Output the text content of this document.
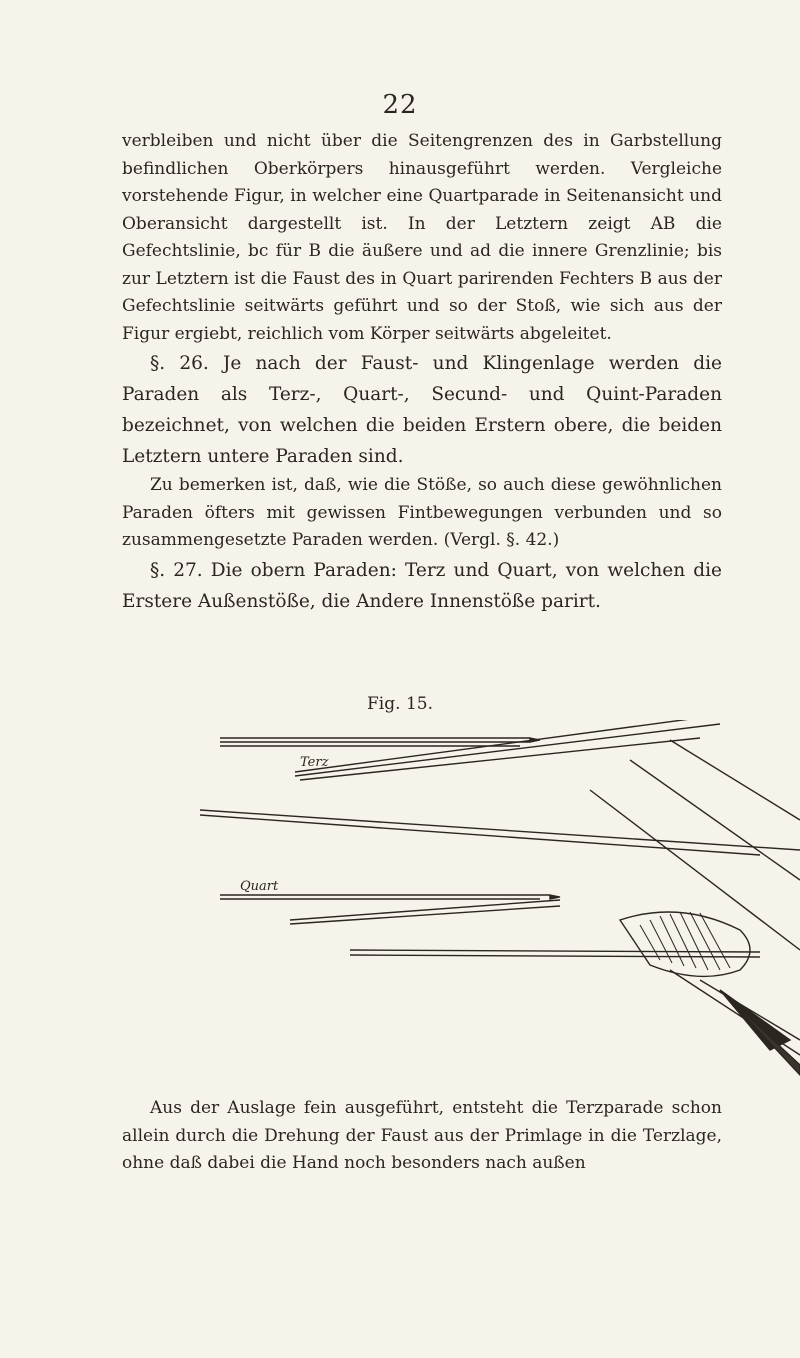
22

verbleiben und nicht über die Seitengrenzen des in Garbstellung befindlichen Oberkörpers hinausgeführt werden. Vergleiche vorstehende Figur, in welcher eine Quartparade in Seitenansicht und Oberansicht dargestellt ist. In der Letztern zeigt AB die Gefechtslinie, bc für B die äußere und ad die innere Grenzlinie; bis zur Letztern ist die Faust des in Quart parirenden Fechters B aus der Gefechtslinie seitwärts geführt und so der Stoß, wie sich aus der Figur ergiebt, reichlich vom Körper seitwärts abgeleitet.

§. 26. Je nach der Faust- und Klingenlage werden die Paraden als Terz-, Quart-, Secund- und Quint-Paraden bezeichnet, von welchen die beiden Erstern obere, die beiden Letztern untere Paraden sind.

Zu bemerken ist, daß, wie die Stöße, so auch diese gewöhnlichen Paraden öfters mit gewissen Fintbewegungen verbunden und so zusammengesetzte Paraden werden. (Vergl. §. 42.)

§. 27. Die obern Paraden: Terz und Quart, von welchen die Erstere Außenstöße, die Andere Innenstöße parirt.

Fig. 15.
Terz
Quart

Aus der Auslage fein ausgeführt, entsteht die Terzparade schon allein durch die Drehung der Faust aus der Primlage in die Terzlage, ohne daß dabei die Hand noch besonders nach außen
